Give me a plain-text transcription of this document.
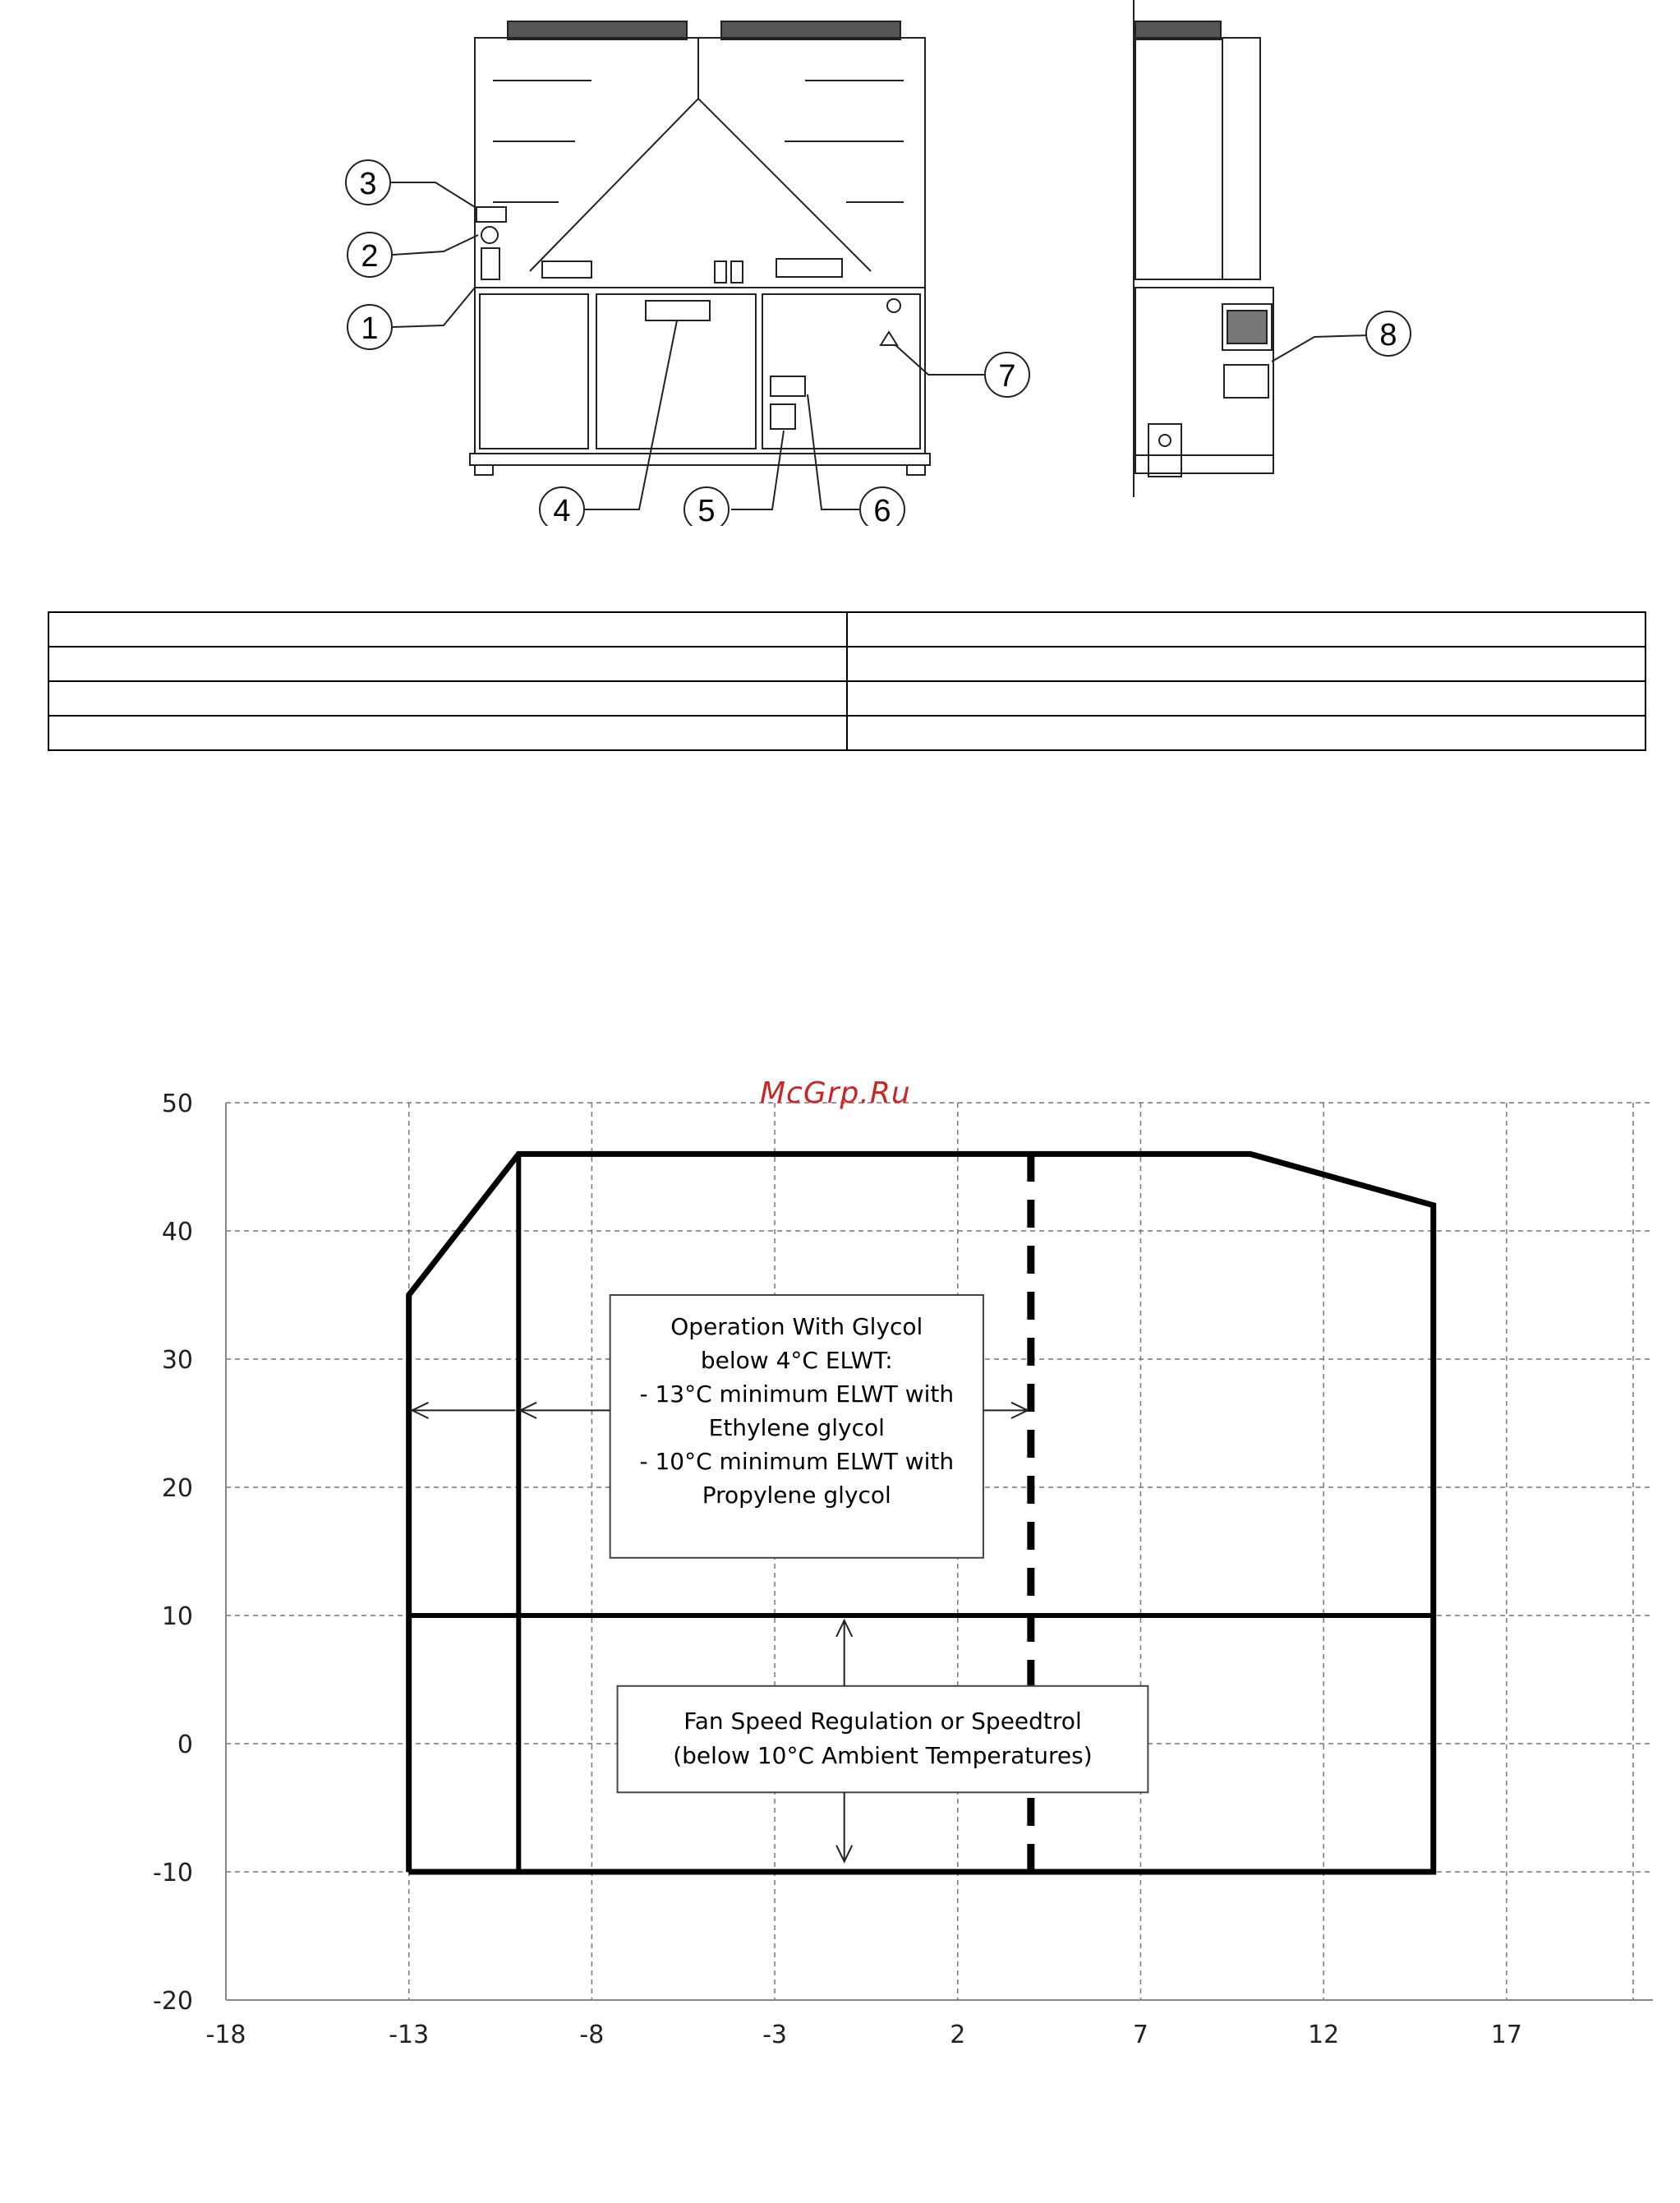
3
2
1
4	5	6
7
8

50
40
30
20
10
0
-10
-20
-18	-13	-8	-3	2	7	12	17
Operation With Glycol
below 4°C ELWT:
- 13°C minimum ELWT with
Ethylene glycol
- 10°C minimum ELWT with
Propylene glycol
Fan Speed Regulation or Speedtrol
(below 10°C Ambient Temperatures)
McGrp.Ru
